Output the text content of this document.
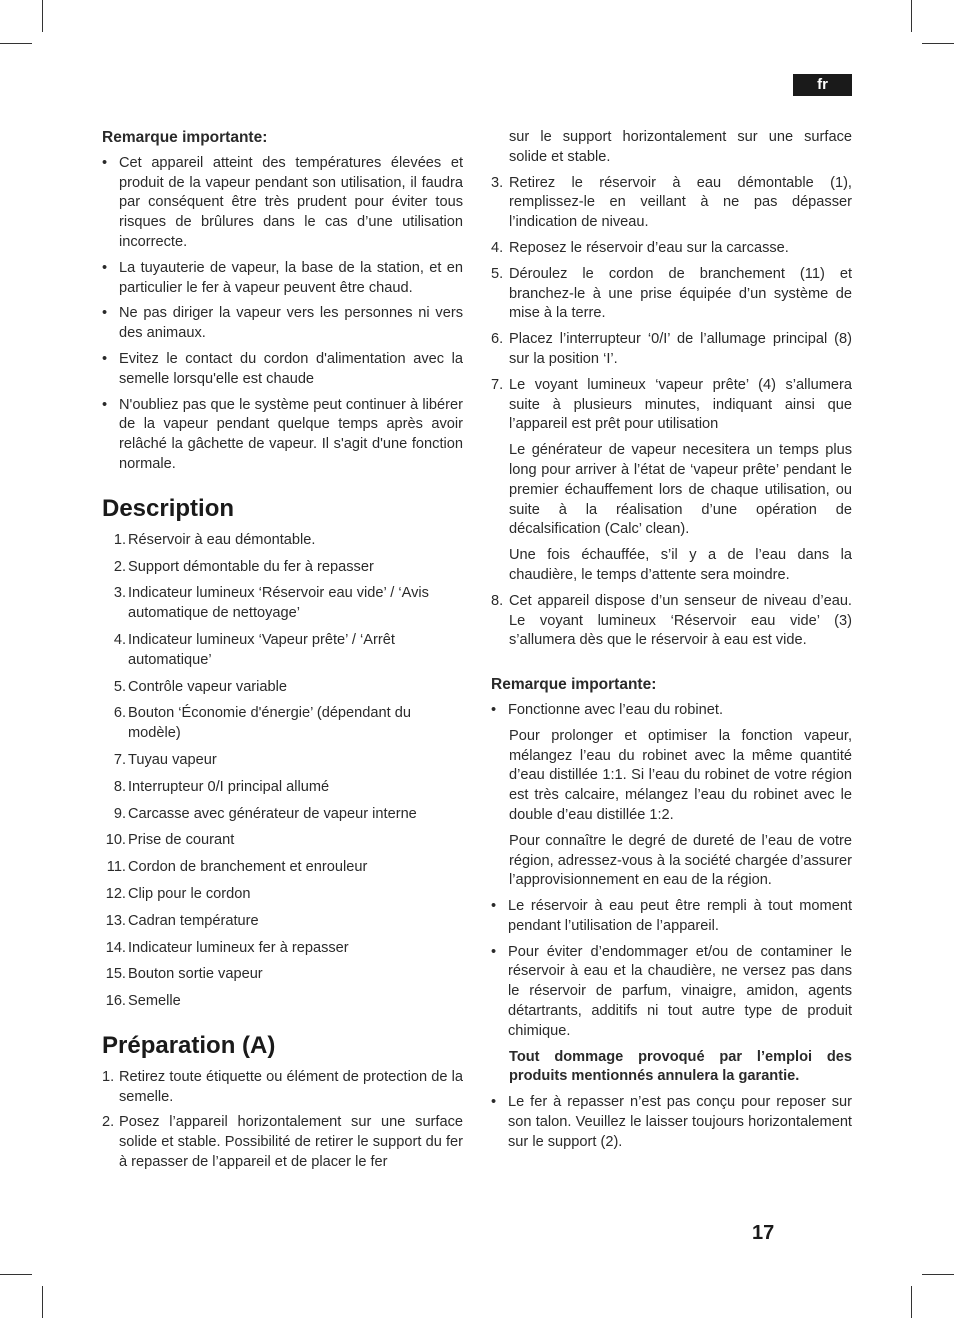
fr
Remarque importante:
• Cet appareil atteint des températures élevées et produit de la vapeur pendant son utilisation, il faudra par conséquent être très prudent pour éviter tous risques de brûlures dans le cas d’une utilisation incorrecte.
• La tuyauterie de vapeur, la base de la station, et en particulier le fer à vapeur peuvent être chaud.
• Ne pas diriger la vapeur vers les personnes ni vers des animaux.
• Evitez le contact du cordon d'alimentation avec la semelle lorsqu'elle est chaude
• N'oubliez pas que le système peut continuer à libérer de la vapeur pendant quelque temps après avoir relâché la gâchette de vapeur. Il s'agit d'une fonction normale.
Description
1. Réservoir à eau démontable.
2. Support démontable du fer à repasser
3. Indicateur lumineux ‘Réservoir eau vide’ / ‘Avis automatique de nettoyage’
4. Indicateur lumineux ‘Vapeur prête’ / ‘Arrêt automatique’
5. Contrôle vapeur variable
6. Bouton ‘Économie d'énergie’ (dépendant du modèle)
7. Tuyau vapeur
8. Interrupteur 0/I principal allumé
9. Carcasse avec générateur de vapeur interne
10. Prise de courant
11. Cordon de branchement et enrouleur
12. Clip pour le cordon
13. Cadran température
14. Indicateur lumineux fer à repasser
15. Bouton sortie vapeur
16. Semelle
Préparation (A)
1. Retirez toute étiquette ou élément de protection de la semelle.
2. Posez l’appareil horizontalement sur une surface solide et stable. Possibilité de retirer le support du fer à repasser de l’appareil et de placer le fer
sur le support horizontalement sur une surface solide et stable.
3. Retirez le réservoir à eau démontable (1), remplissez-le en veillant à ne pas dépasser l’indication de niveau.
4. Reposez le réservoir d’eau sur la carcasse.
5. Déroulez le cordon de branchement (11) et branchez-le à une prise équipée d’un système de mise à la terre.
6. Placez l’interrupteur ‘0/I’ de l’allumage principal (8) sur la position ‘I’.
7. Le voyant lumineux ‘vapeur prête’ (4) s’allumera suite à plusieurs minutes, indiquant ainsi que l’appareil est prêt pour utilisation
Le générateur de vapeur necesitera un temps plus long pour arriver à l’état de ‘vapeur prête’ pendant le premier échauffement lors de chaque utilisation, ou suite à la réalisation d’une opération de décalsification (Calc’ clean).
Une fois échauffée, s’il y a de l’eau dans la chaudière, le temps d’attente sera moindre.
8. Cet appareil dispose d’un senseur de niveau d’eau. Le voyant lumineux ‘Réservoir eau vide’ (3) s’allumera dès que le réservoir à eau est vide.
Remarque importante:
• Fonctionne avec l’eau du robinet.
Pour prolonger et optimiser la fonction vapeur, mélangez l’eau du robinet avec la même quantité d’eau distillée 1:1. Si l’eau du robinet de votre région est très calcaire, mélangez l’eau du robinet avec le double d’eau distillée 1:2.
Pour connaître le degré de dureté de l’eau de votre région, adressez-vous à la société chargée d’assurer l’approvisionnement en eau de la région.
• Le réservoir à eau peut être rempli à tout moment pendant l’utilisation de l’appareil.
• Pour éviter d’endommager et/ou de contaminer le réservoir à eau et la chaudière, ne versez pas dans le réservoir de parfum, vinaigre, amidon, agents détartrants, additifs ni tout autre type de produit chimique.
Tout dommage provoqué par l’emploi des produits mentionnés annulera la garantie.
• Le fer à repasser n’est pas conçu pour reposer sur son talon. Veuillez le laisser toujours horizontalement sur le support (2).
17
